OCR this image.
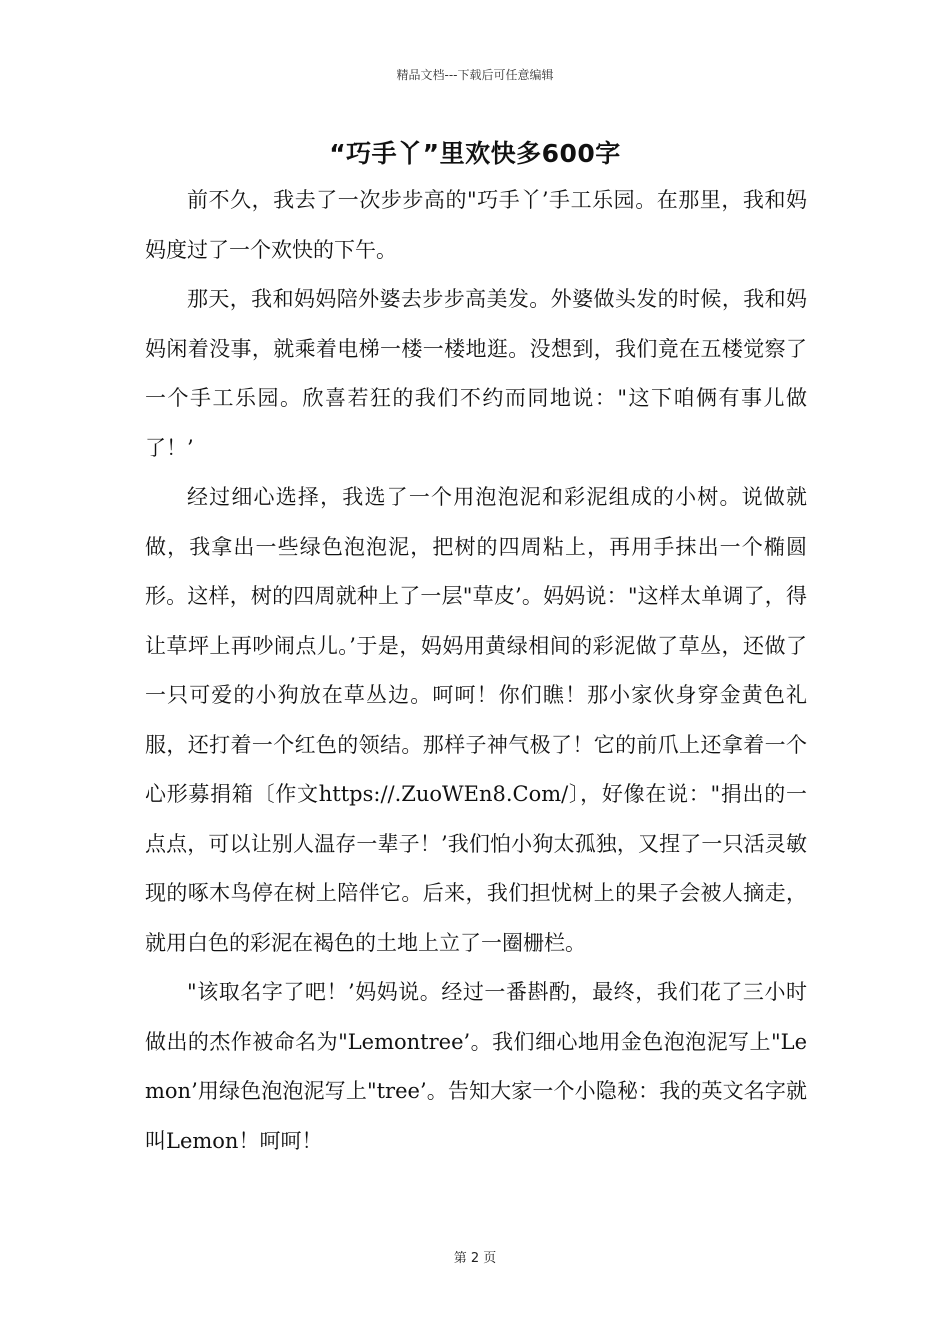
精品文档---下载后可任意编辑
“巧手丫”里欢快多600字

前不久，我去了一次步步高的"巧手丫’手工乐园。在那里，我和妈妈度过了一个欢快的下午。

那天，我和妈妈陪外婆去步步高美发。外婆做头发的时候，我和妈妈闲着没事，就乘着电梯一楼一楼地逛。没想到，我们竟在五楼觉察了一个手工乐园。欣喜若狂的我们不约而同地说："这下咱俩有事儿做了！’

经过细心选择，我选了一个用泡泡泥和彩泥组成的小树。说做就做，我拿出一些绿色泡泡泥，把树的四周粘上，再用手抹出一个椭圆形。这样，树的四周就种上了一层"草皮’。妈妈说："这样太单调了，得让草坪上再吵闹点儿。’于是，妈妈用黄绿相间的彩泥做了草丛，还做了一只可爱的小狗放在草丛边。呵呵！你们瞧！那小家伙身穿金黄色礼服，还打着一个红色的领结。那样子神气极了！它的前爪上还拿着一个心形募捐箱〔作文https://.ZuoWEn8.Com/〕，好像在说："捐出的一点点，可以让别人温存一辈子！’我们怕小狗太孤独，又捏了一只活灵敏现的啄木鸟停在树上陪伴它。后来，我们担忧树上的果子会被人摘走，就用白色的彩泥在褐色的土地上立了一圈栅栏。

"该取名字了吧！’妈妈说。经过一番斟酌，最终，我们花了三小时做出的杰作被命名为"Lemontree’。我们细心地用金色泡泡泥写上"Lemon’用绿色泡泡泥写上"tree’。告知大家一个小隐秘：我的英文名字就叫Lemon！呵呵！

第 2 页
